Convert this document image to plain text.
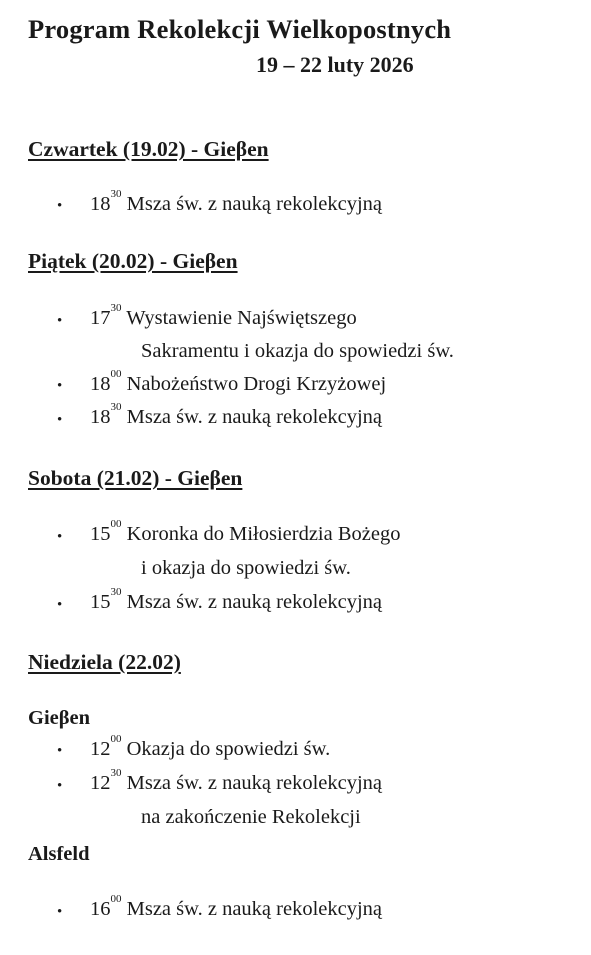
Program Rekolekcji Wielkopostnych
19 – 22 luty 2026
Czwartek (19.02) - Gieβen
• $18^{30}$ Msza św. z nauką rekolekcyjną
Piątek (20.02) - Gieβen
• $17^{30}$ Wystawienie Najświętszego
Sakramentu i okazja do spowiedzi św.
• $18^{00}$ Nabożeństwo Drogi Krzyżowej
• $18^{30}$ Msza św. z nauką rekolekcyjną
Sobota (21.02) - Gieβen
• $15^{00}$ Koronka do Miłosierdzia Bożego
i okazja do spowiedzi św.
• $15^{30}$ Msza św. z nauką rekolekcyjną
Niedziela (22.02)
Gieβen
• $12^{00}$ Okazja do spowiedzi św.
• $12^{30}$ Msza św. z nauką rekolekcyjną
na zakończenie Rekolekcji
Alsfeld
• $16^{00}$ Msza św. z nauką rekolekcyjną
